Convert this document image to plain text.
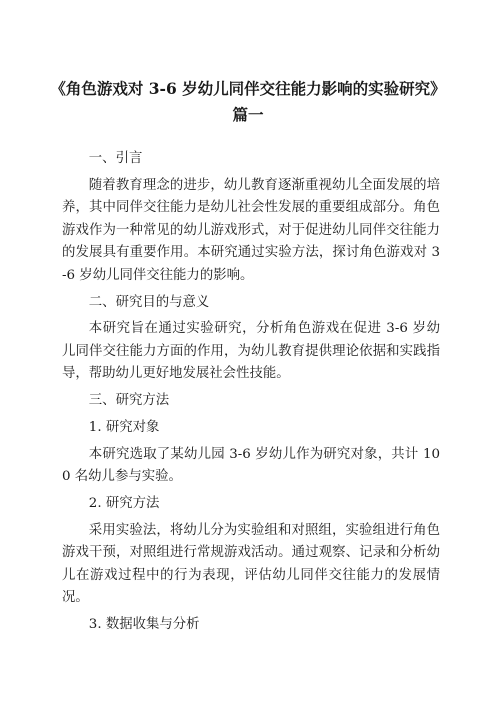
《角色游戏对 3-6 岁幼儿同伴交往能力影响的实验研究》
篇一

一、引言

随着教育理念的进步，幼儿教育逐渐重视幼儿全面发展的培养，其中同伴交往能力是幼儿社会性发展的重要组成部分。角色游戏作为一种常见的幼儿游戏形式，对于促进幼儿同伴交往能力的发展具有重要作用。本研究通过实验方法，探讨角色游戏对 3-6 岁幼儿同伴交往能力的影响。

二、研究目的与意义

本研究旨在通过实验研究，分析角色游戏在促进 3-6 岁幼儿同伴交往能力方面的作用，为幼儿教育提供理论依据和实践指导，帮助幼儿更好地发展社会性技能。

三、研究方法

1. 研究对象

本研究选取了某幼儿园 3-6 岁幼儿作为研究对象，共计 100 名幼儿参与实验。

2. 研究方法

采用实验法，将幼儿分为实验组和对照组，实验组进行角色游戏干预，对照组进行常规游戏活动。通过观察、记录和分析幼儿在游戏过程中的行为表现，评估幼儿同伴交往能力的发展情况。

3. 数据收集与分析
